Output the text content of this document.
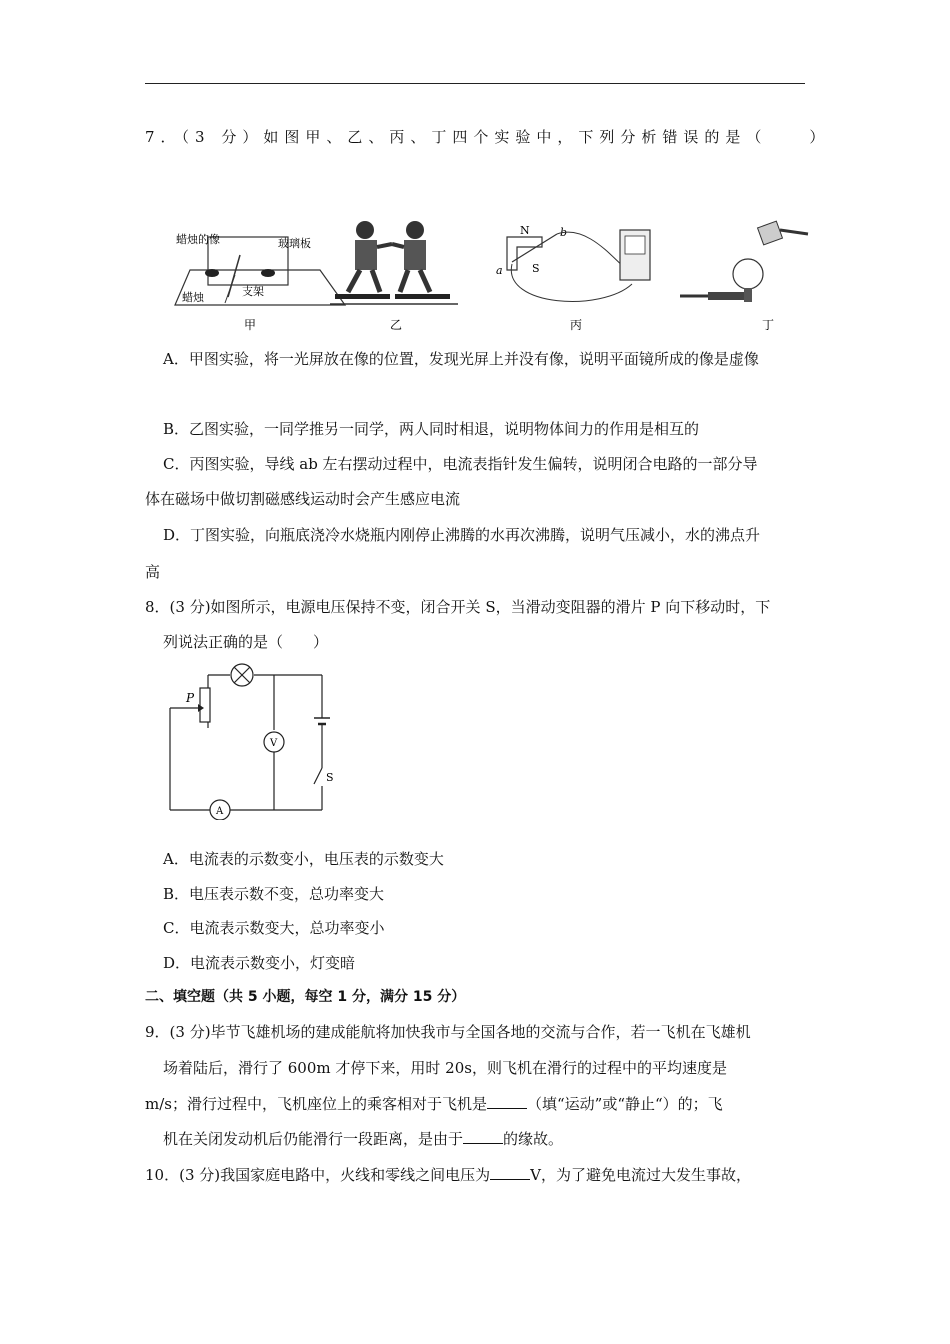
7．（3 分）如图甲、乙、丙、丁四个实验中，下列分析错误的是（　　）
蜡烛的像	玻璃板
蜡烛	支架
甲	乙
N
S
a
b
丙	丁
A．甲图实验，将一光屏放在像的位置，发现光屏上并没有像，说明平面镜所成的像是虚像
B．乙图实验，一同学推另一同学，两人同时相退，说明物体间力的作用是相互的
C．丙图实验，导线 ab 左右摆动过程中，电流表指针发生偏转，说明闭合电路的一部分导
体在磁场中做切割磁感线运动时会产生感应电流
D．丁图实验，向瓶底浇冷水烧瓶内刚停止沸腾的水再次沸腾，说明气压减小，水的沸点升
高
8．(3 分)如图所示，电源电压保持不变，闭合开关 S，当滑动变阻器的滑片 P 向下移动时，下
列说法正确的是（　　）
P
A
V
S
A．电流表的示数变小，电压表的示数变大
B．电压表示数不变，总功率变大
C．电流表示数变大，总功率变小
D．电流表示数变小，灯变暗
二、填空题（共 5 小题，每空 1 分，满分 15 分）
9．(3 分)毕节飞雄机场的建成能航将加快我市与全国各地的交流与合作，若一飞机在飞雄机
场着陆后，滑行了 600m 才停下来，用时 20s，则飞机在滑行的过程中的平均速度是
m/s；滑行过程中，飞机座位上的乘客相对于飞机是	（填“运动”或“静止“）的；飞
机在关闭发动机后仍能滑行一段距离，是由于	的缘故。
10．(3 分)我国家庭电路中，火线和零线之间电压为	V，为了避免电流过大发生事故，
